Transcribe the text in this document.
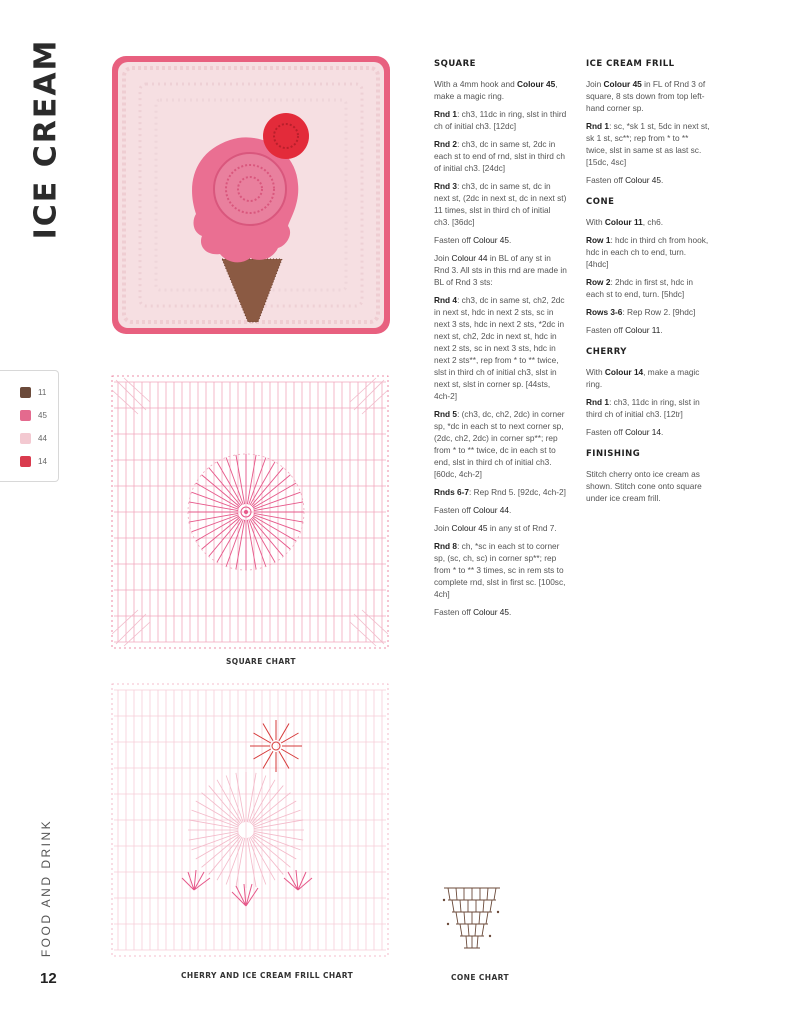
ICE CREAM
11
45
44
14
FOOD AND DRINK
12
SQUARE CHART
CHERRY AND ICE CREAM FRILL CHART	CONE CHART
SQUARE

With a 4mm hook and Colour 45, make a magic ring.

Rnd 1: ch3, 11dc in ring, slst in third ch of initial ch3. [12dc]

Rnd 2: ch3, dc in same st, 2dc in each st to end of rnd, slst in third ch of initial ch3. [24dc]

Rnd 3: ch3, dc in same st, dc in next st, (2dc in next st, dc in next st) 11 times, slst in third ch of initial ch3. [36dc]

Fasten off Colour 45.

Join Colour 44 in BL of any st in Rnd 3. All sts in this rnd are made in BL of Rnd 3 sts:

Rnd 4: ch3, dc in same st, ch2, 2dc in next st, hdc in next 2 sts, sc in next 3 sts, hdc in next 2 sts, *2dc in next st, ch2, 2dc in next st, hdc in next 2 sts, sc in next 3 sts, hdc in next 2 sts**, rep from * to ** twice, slst in third ch of initial ch3, slst in next st, slst in corner sp. [44sts, 4ch-2]

Rnd 5: (ch3, dc, ch2, 2dc) in corner sp, *dc in each st to next corner sp, (2dc, ch2, 2dc) in corner sp**; rep from * to ** twice, dc in each st to end, slst in third ch of initial ch3. [60dc, 4ch-2]

Rnds 6-7: Rep Rnd 5. [92dc, 4ch-2]

Fasten off Colour 44.

Join Colour 45 in any st of Rnd 7.

Rnd 8: ch, *sc in each st to corner sp, (sc, ch, sc) in corner sp**; rep from * to ** 3 times, sc in rem sts to complete rnd, slst in first sc. [100sc, 4ch]

Fasten off Colour 45.

ICE CREAM FRILL

Join Colour 45 in FL of Rnd 3 of square, 8 sts down from top left-hand corner sp.

Rnd 1: sc, *sk 1 st, 5dc in next st, sk 1 st, sc**; rep from * to ** twice, slst in same st as last sc. [15dc, 4sc]

Fasten off Colour 45.

CONE

With Colour 11, ch6.

Row 1: hdc in third ch from hook, hdc in each ch to end, turn. [4hdc]

Row 2: 2hdc in first st, hdc in each st to end, turn. [5hdc]

Rows 3-6: Rep Row 2. [9hdc]

Fasten off Colour 11.

CHERRY

With Colour 14, make a magic ring.

Rnd 1: ch3, 11dc in ring, slst in third ch of initial ch3. [12tr]

Fasten off Colour 14.

FINISHING

Stitch cherry onto ice cream as shown. Stitch cone onto square under ice cream frill.
